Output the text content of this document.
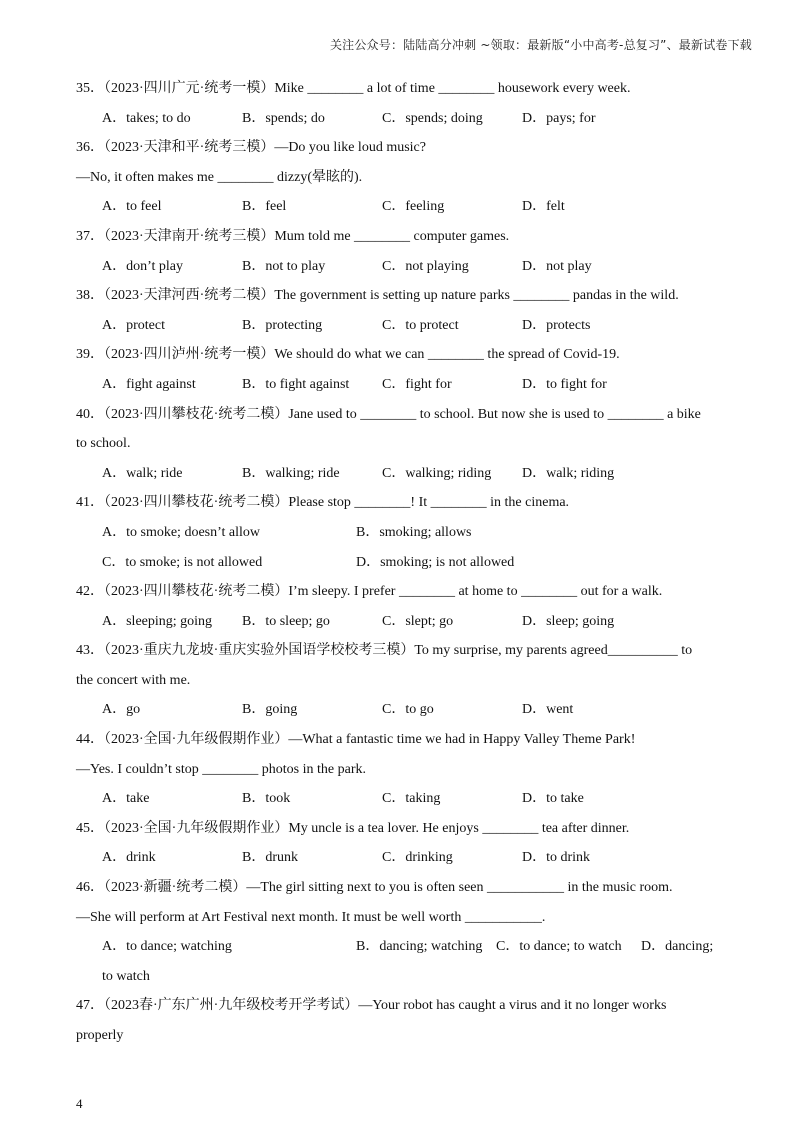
关注公众号：陆陆高分冲刺 ~领取：最新版“小中高考-总复习”、最新试卷下载
35．（2023·四川广元·统考一模）Mike ________ a lot of time ________ housework every week.
A．takes; to do	B．spends; do	C．spends; doing	D．pays; for
36．（2023·天津和平·统考三模）—Do you like loud music?
—No, it often makes me ________ dizzy(晕眩的).
A．to feel	B．feel	C．feeling	D．felt
37．（2023·天津南开·统考三模）Mum told me ________ computer games.
A．don’t play	B．not to play	C．not playing	D．not play
38．（2023·天津河西·统考二模）The government is setting up nature parks ________ pandas in the wild.
A．protect	B．protecting	C．to protect	D．protects
39．（2023·四川泸州·统考一模）We should do what we can ________ the spread of Covid-19.
A．fight against	B．to fight against	C．fight for	D．to fight for
40．（2023·四川攀枝花·统考二模）Jane used to ________ to school. But now she is used to ________ a bike
to school.
A．walk; ride	B．walking; ride	C．walking; riding	D．walk; riding
41．（2023·四川攀枝花·统考二模）Please stop ________! It ________ in the cinema.
A．to smoke; doesn’t allow	B．smoking; allows
C．to smoke; is not allowed	D．smoking; is not allowed
42．（2023·四川攀枝花·统考二模）I’m sleepy. I prefer ________ at home to ________ out for a walk.
A．sleeping; going	B．to sleep; go	C．slept; go	D．sleep; going
43．（2023·重庆九龙坡·重庆实验外国语学校校考三模）To my surprise, my parents agreed__________ to
the concert with me.
A．go	B．going	C．to go	D．went
44．（2023·全国·九年级假期作业）—What a fantastic time we had in Happy Valley Theme Park!
—Yes. I couldn’t stop ________ photos in the park.
A．take	B．took	C．taking	D．to take
45．（2023·全国·九年级假期作业）My uncle is a tea lover. He enjoys ________ tea after dinner.
A．drink	B．drunk	C．drinking	D．to drink
46．（2023·新疆·统考二模）—The girl sitting next to you is often seen ___________ in the music room.
—She will perform at Art Festival next month. It must be well worth ___________.
A．to dance; watching	B．dancing; watching C．to dance; to watch	D．dancing;
to watch
47．（2023春·广东广州·九年级校考开学考试）—Your robot has caught a virus and it no longer works
properly
4
